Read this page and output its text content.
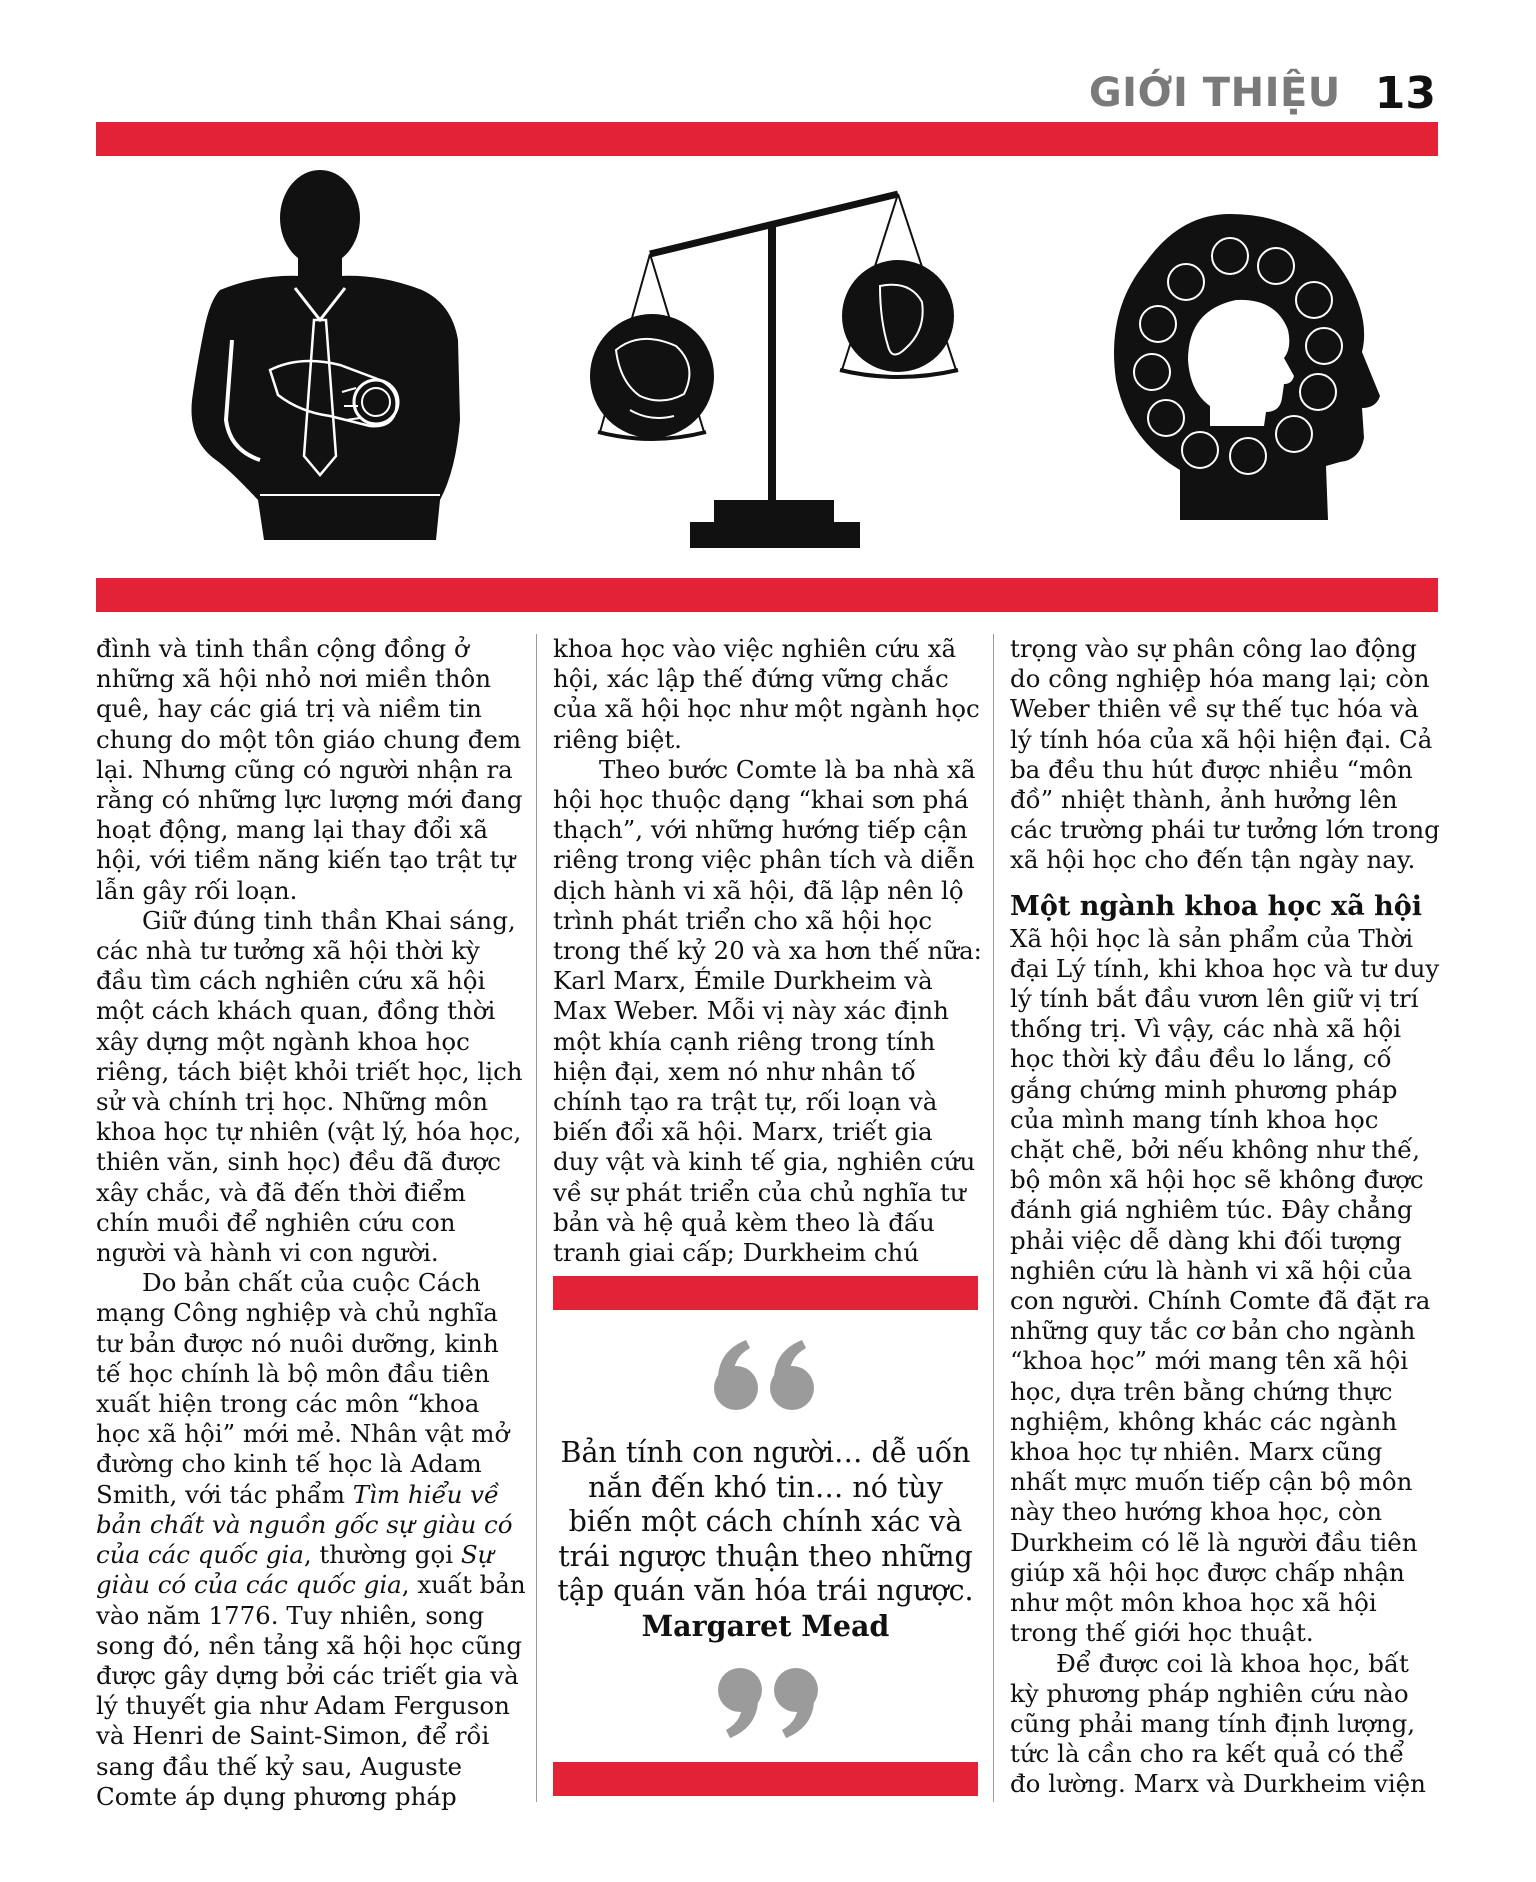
GIỚI THIỆU 13

đình và tinh thần cộng đồng ở những xã hội nhỏ nơi miền thôn quê, hay các giá trị và niềm tin chung do một tôn giáo chung đem lại. Nhưng cũng có người nhận ra rằng có những lực lượng mới đang hoạt động, mang lại thay đổi xã hội, với tiềm năng kiến tạo trật tự lẫn gây rối loạn.

Giữ đúng tinh thần Khai sáng, các nhà tư tưởng xã hội thời kỳ đầu tìm cách nghiên cứu xã hội một cách khách quan, đồng thời xây dựng một ngành khoa học riêng, tách biệt khỏi triết học, lịch sử và chính trị học. Những môn khoa học tự nhiên (vật lý, hóa học, thiên văn, sinh học) đều đã được xây chắc, và đã đến thời điểm chín muồi để nghiên cứu con người và hành vi con người.

Do bản chất của cuộc Cách mạng Công nghiệp và chủ nghĩa tư bản được nó nuôi dưỡng, kinh tế học chính là bộ môn đầu tiên xuất hiện trong các môn “khoa học xã hội” mới mẻ. Nhân vật mở đường cho kinh tế học là Adam Smith, với tác phẩm Tìm hiểu về bản chất và nguồn gốc sự giàu có của các quốc gia, thường gọi Sự giàu có của các quốc gia, xuất bản vào năm 1776. Tuy nhiên, song song đó, nền tảng xã hội học cũng được gây dựng bởi các triết gia và lý thuyết gia như Adam Ferguson và Henri de Saint-Simon, để rồi sang đầu thế kỷ sau, Auguste Comte áp dụng phương pháp

khoa học vào việc nghiên cứu xã hội, xác lập thế đứng vững chắc của xã hội học như một ngành học riêng biệt.

Theo bước Comte là ba nhà xã hội học thuộc dạng “khai sơn phá thạch”, với những hướng tiếp cận riêng trong việc phân tích và diễn dịch hành vi xã hội, đã lập nên lộ trình phát triển cho xã hội học trong thế kỷ 20 và xa hơn thế nữa: Karl Marx, Émile Durkheim và Max Weber. Mỗi vị này xác định một khía cạnh riêng trong tính hiện đại, xem nó như nhân tố chính tạo ra trật tự, rối loạn và biến đổi xã hội. Marx, triết gia duy vật và kinh tế gia, nghiên cứu về sự phát triển của chủ nghĩa tư bản và hệ quả kèm theo là đấu tranh giai cấp; Durkheim chú

Bản tính con người… dễ uốn nắn đến khó tin… nó tùy biến một cách chính xác và trái ngược thuận theo những tập quán văn hóa trái ngược.
Margaret Mead

trọng vào sự phân công lao động do công nghiệp hóa mang lại; còn Weber thiên về sự thế tục hóa và lý tính hóa của xã hội hiện đại. Cả ba đều thu hút được nhiều “môn đồ” nhiệt thành, ảnh hưởng lên các trường phái tư tưởng lớn trong xã hội học cho đến tận ngày nay.

Một ngành khoa học xã hội

Xã hội học là sản phẩm của Thời đại Lý tính, khi khoa học và tư duy lý tính bắt đầu vươn lên giữ vị trí thống trị. Vì vậy, các nhà xã hội học thời kỳ đầu đều lo lắng, cố gắng chứng minh phương pháp của mình mang tính khoa học chặt chẽ, bởi nếu không như thế, bộ môn xã hội học sẽ không được đánh giá nghiêm túc. Đây chẳng phải việc dễ dàng khi đối tượng nghiên cứu là hành vi xã hội của con người. Chính Comte đã đặt ra những quy tắc cơ bản cho ngành “khoa học” mới mang tên xã hội học, dựa trên bằng chứng thực nghiệm, không khác các ngành khoa học tự nhiên. Marx cũng nhất mực muốn tiếp cận bộ môn này theo hướng khoa học, còn Durkheim có lẽ là người đầu tiên giúp xã hội học được chấp nhận như một môn khoa học xã hội trong thế giới học thuật.

Để được coi là khoa học, bất kỳ phương pháp nghiên cứu nào cũng phải mang tính định lượng, tức là cần cho ra kết quả có thể đo lường. Marx và Durkheim viện
